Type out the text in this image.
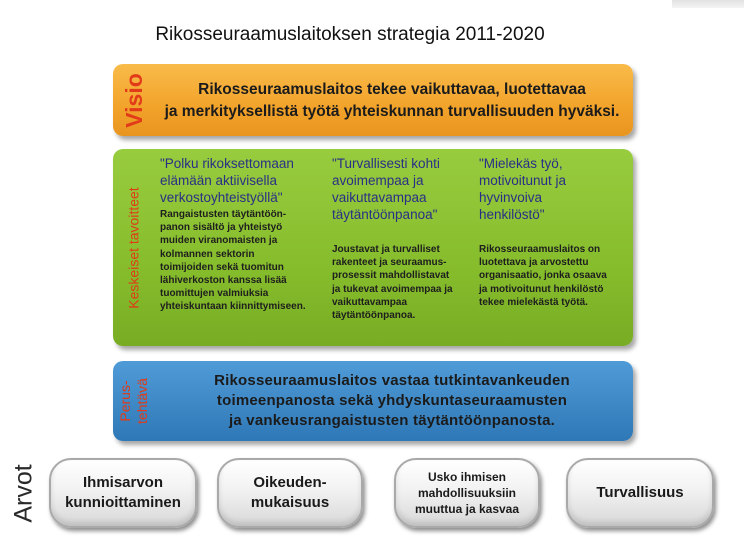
Rikosseuraamuslaitoksen strategia 2011-2020
Visio	Rikosseuraamuslaitos tekee vaikuttavaa, luotettavaa
ja merkityksellistä työtä yhteiskunnan turvallisuuden hyväksi.
Keskeiset tavoitteet
"Polku rikoksettomaan
elämään aktiivisella
verkostoyhteistyöllä"
Rangaistusten täytäntöön-
panon sisältö ja yhteistyö
muiden viranomaisten ja
kolmannen sektorin
toimijoiden sekä tuomitun
lähiverkoston kanssa lisää
tuomittujen valmiuksia
yhteiskuntaan kiinnittymiseen.
"Turvallisesti kohti
avoimempaa ja
vaikuttavampaa
täytäntöönpanoa"
Joustavat ja turvalliset
rakenteet ja seuraamus-
prosessit mahdollistavat
ja tukevat avoimempaa ja
vaikuttavampaa
täytäntöönpanoa.
"Mielekäs työ,
motivoitunut ja
hyvinvoiva
henkilöstö"
Rikosseuraamuslaitos on
luotettava ja arvostettu
organisaatio, jonka osaava
ja motivoitunut henkilöstö
tekee mielekästä työtä.
Perus- tehtävä	Rikosseuraamuslaitos vastaa tutkintavankeuden
toimeenpanosta sekä yhdyskuntaseuraamusten
ja vankeusrangaistusten täytäntöönpanosta.
Arvot	Ihmisarvon
kunnioittaminen
Oikeuden-
mukaisuus
Usko ihmisen
mahdollisuuksiin
muuttua ja kasvaa
Turvallisuus
